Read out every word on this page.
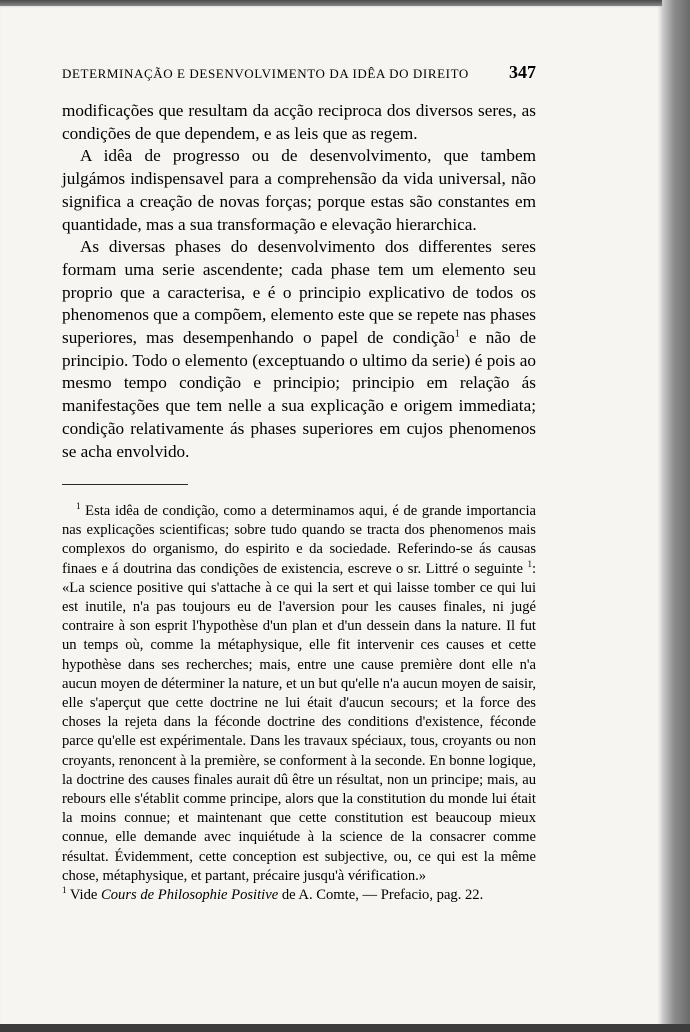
DETERMINAÇÃO E DESENVOLVIMENTO DA IDÊA DO DIREITO 347

modificações que resultam da acção reciproca dos diversos seres, as condições de que dependem, e as leis que as regem.

A idêa de progresso ou de desenvolvimento, que tambem julgámos indispensavel para a comprehensão da vida universal, não significa a creação de novas forças; porque estas são constantes em quantidade, mas a sua transformação e elevação hierarchica.

As diversas phases do desenvolvimento dos differentes seres formam uma serie ascendente; cada phase tem um elemento seu proprio que a caracterisa, e é o principio explicativo de todos os phenomenos que a compõem, elemento este que se repete nas phases superiores, mas desempenhando o papel de condição$^1$ e não de principio. Todo o elemento (exceptuando o ultimo da serie) é pois ao mesmo tempo condição e principio; principio em relação ás manifestações que tem nelle a sua explicação e origem immediata; condição relativamente ás phases superiores em cujos phenomenos se acha envolvido.

$^1$ Esta idêa de condição, como a determinamos aqui, é de grande importancia nas explicações scientificas; sobre tudo quando se tracta dos phenomenos mais complexos do organismo, do espirito e da sociedade. Referindo-se ás causas finaes e á doutrina das condições de existencia, escreve o sr. Littré o seguinte $^1$: «La science positive qui s'attache à ce qui la sert et qui laisse tomber ce qui lui est inutile, n'a pas toujours eu de l'aversion pour les causes finales, ni jugé contraire à son esprit l'hypothèse d'un plan et d'un dessein dans la nature. Il fut un temps où, comme la métaphysique, elle fit intervenir ces causes et cette hypothèse dans ses recherches; mais, entre une cause première dont elle n'a aucun moyen de déterminer la nature, et un but qu'elle n'a aucun moyen de saisir, elle s'aperçut que cette doctrine ne lui était d'aucun secours; et la force des choses la rejeta dans la féconde doctrine des conditions d'existence, féconde parce qu'elle est expérimentale. Dans les travaux spéciaux, tous, croyants ou non croyants, renoncent à la première, se conforment à la seconde. En bonne logique, la doctrine des causes finales aurait dû être un résultat, non un principe; mais, au rebours elle s'établit comme principe, alors que la constitution du monde lui était la moins connue; et maintenant que cette constitution est beaucoup mieux connue, elle demande avec inquiétude à la science de la consacrer comme résultat. Évidemment, cette conception est subjective, ou, ce qui est la même chose, métaphysique, et partant, précaire jusqu'à vérification.»

$^1$ Vide Cours de Philosophie Positive de A. Comte, — Prefacio, pag. 22.
